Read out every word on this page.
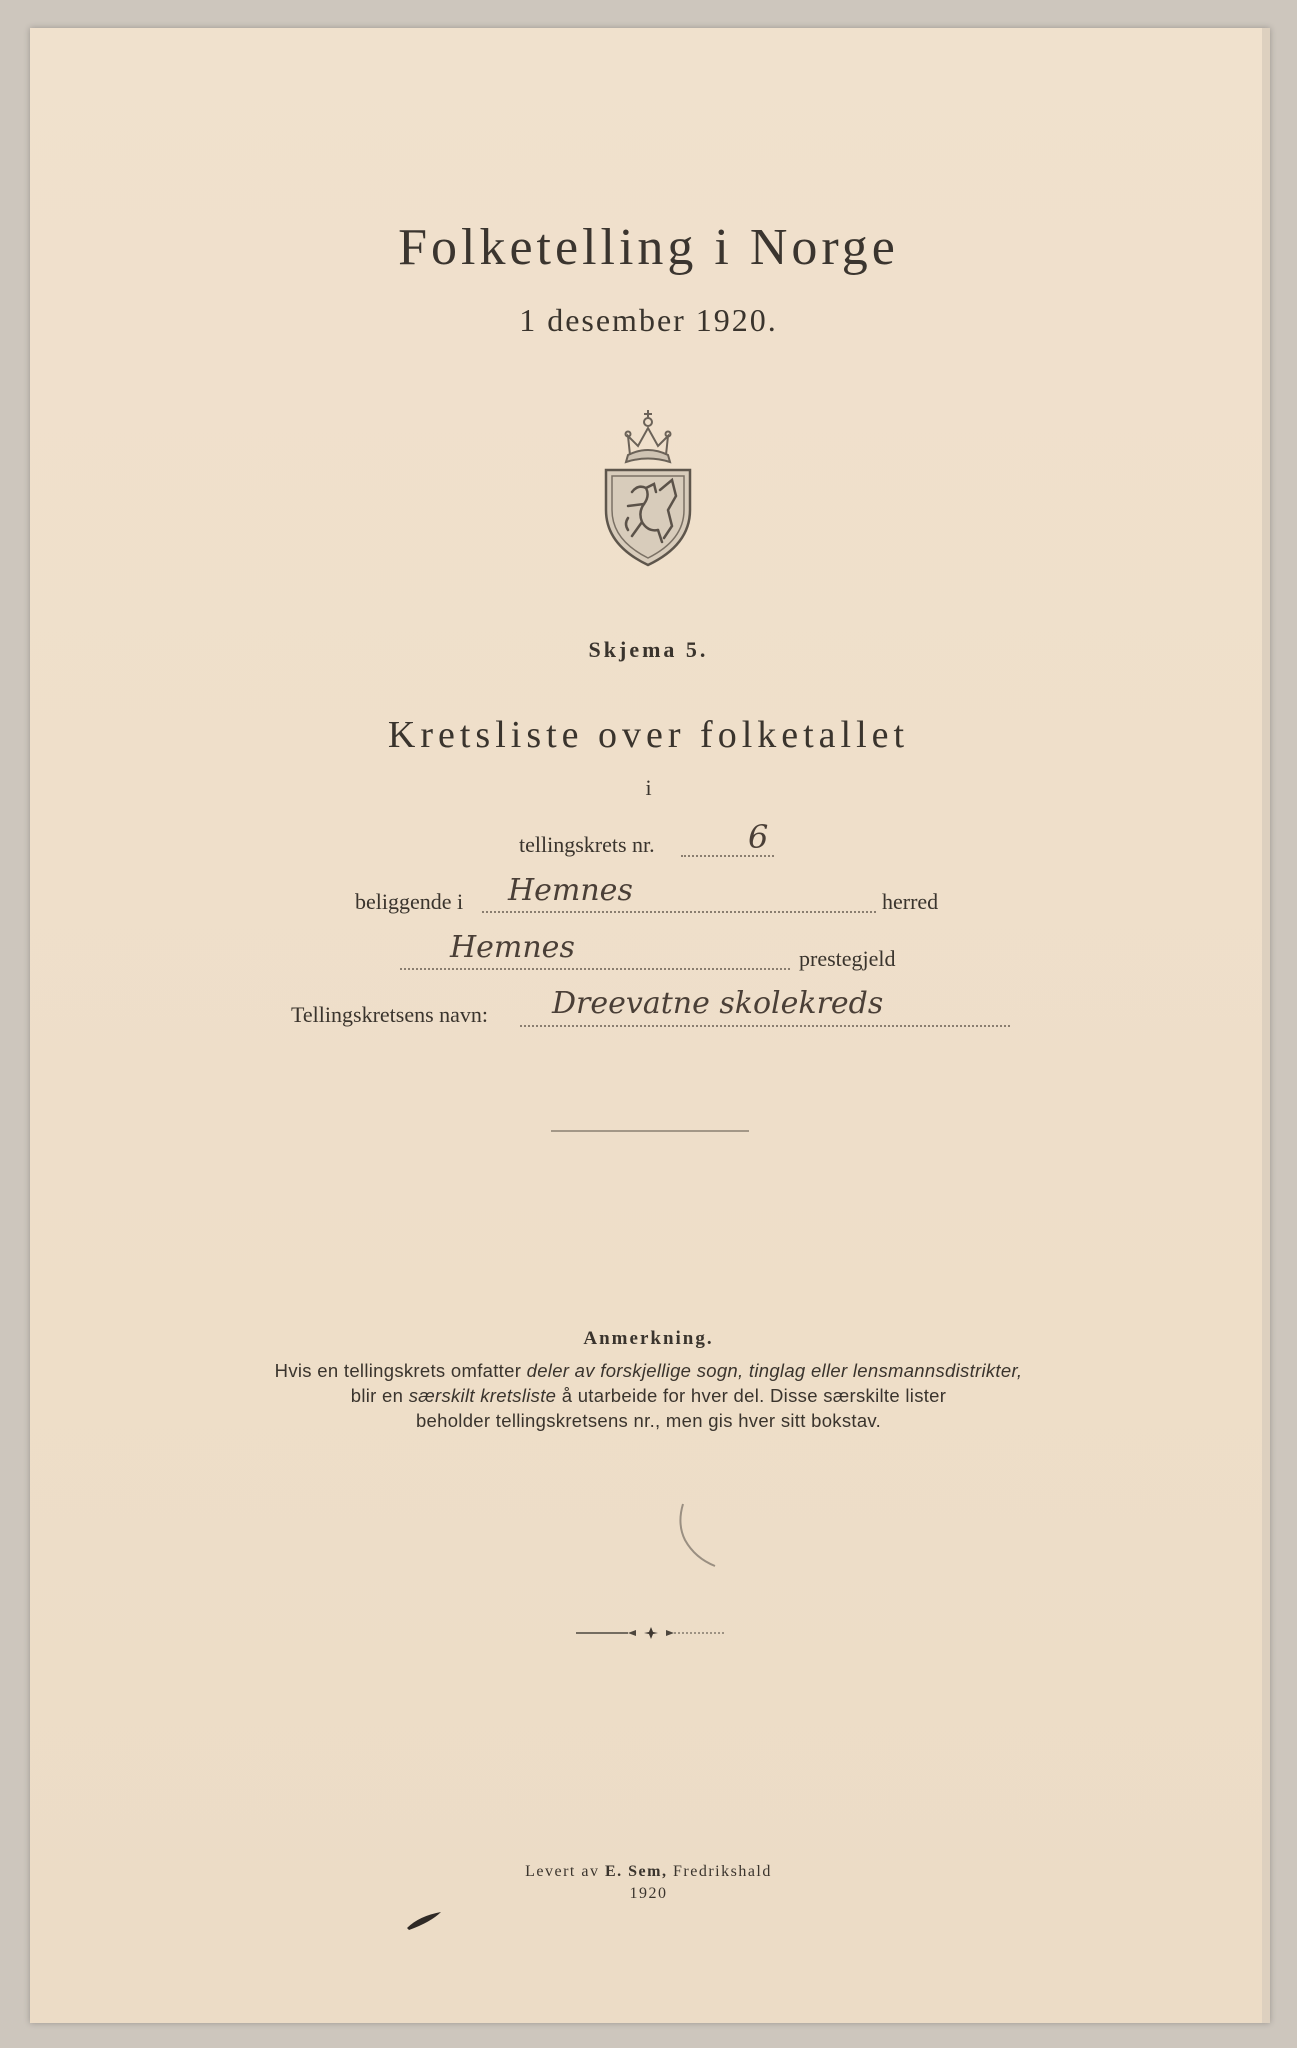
Folketelling i Norge
1 desember 1920.
Skjema 5.
Kretsliste over folketallet
i
tellingskrets nr.	6
beliggende i Hemnes	herred
Hemnes	prestegjeld
Tellingskretsens navn: Dreevatne skolekreds
Anmerkning.
Hvis en tellingskrets omfatter deler av forskjellige sogn, tinglag eller lensmannsdistrikter,
blir en særskilt kretsliste å utarbeide for hver del. Disse særskilte lister
beholder tellingskretsens nr., men gis hver sitt bokstav.
Levert av E. Sem, Fredrikshald
1920
